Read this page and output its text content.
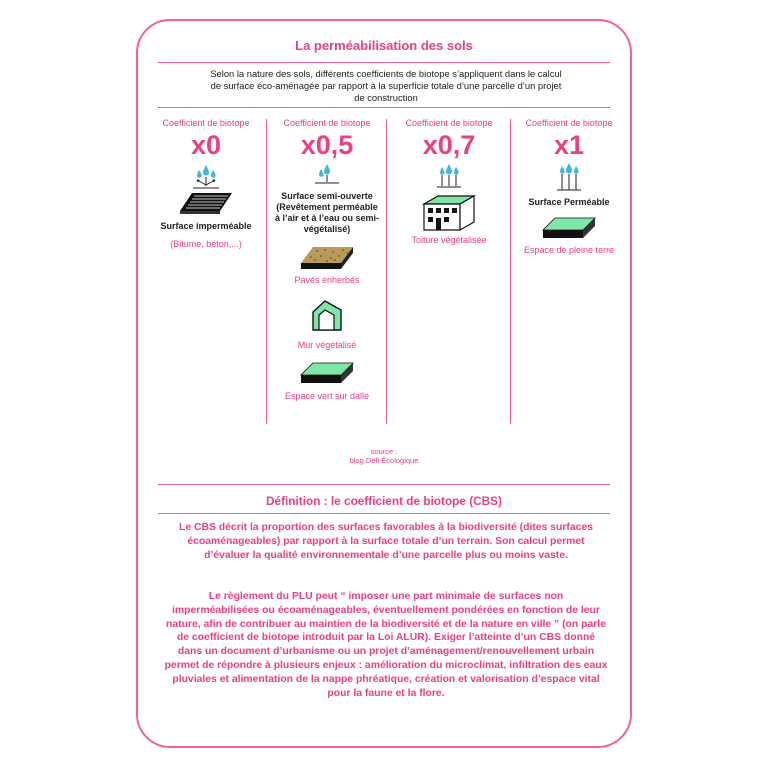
La perméabilisation des sols
Selon la nature des sols, différents coefficients de biotope s’appliquent dans le calcul de surface éco-aménagée par rapport à la superficie totale d’une parcelle d’un projet de construction
Coefficient de biotope
x0
Surface imperméable
(Bitume, béton,...)
Coefficient de biotope
x0,5
Surface semi-ouverte (Revêtement perméable à l’air et à l’eau ou semi-végétalisé)
Pavés enherbés
Mur végétalisé
Espace vert sur dalle
Coefficient de biotope
x0,7
Toiture végétalisée
Coefficient de biotope
x1
Surface Perméable
Espace de pleine terre
source :
blog Défi Écologique
Définition : le coefficient de biotope (CBS)
Le CBS décrit la proportion des surfaces favorables à la biodiversité (dites surfaces écoaménageables) par rapport à la surface totale d’un terrain. Son calcul permet d’évaluer la qualité environnementale d’une parcelle plus ou moins vaste.
Le règlement du PLU peut “ imposer une part minimale de surfaces non imperméabilisées ou écoaménageables, éventuellement pondérées en fonction de leur nature, afin de contribuer au maintien de la biodiversité et de la nature en ville ” (on parle de coefficient de biotope introduit par la Loi ALUR). Exiger l’atteinte d’un CBS donné dans un document d’urbanisme ou un projet d’aménagement/renouvellement urbain permet de répondre à plusieurs enjeux : amélioration du microclimat, infiltration des eaux pluviales et alimentation de la nappe phréatique, création et valorisation d’espace vital pour la faune et la flore.
